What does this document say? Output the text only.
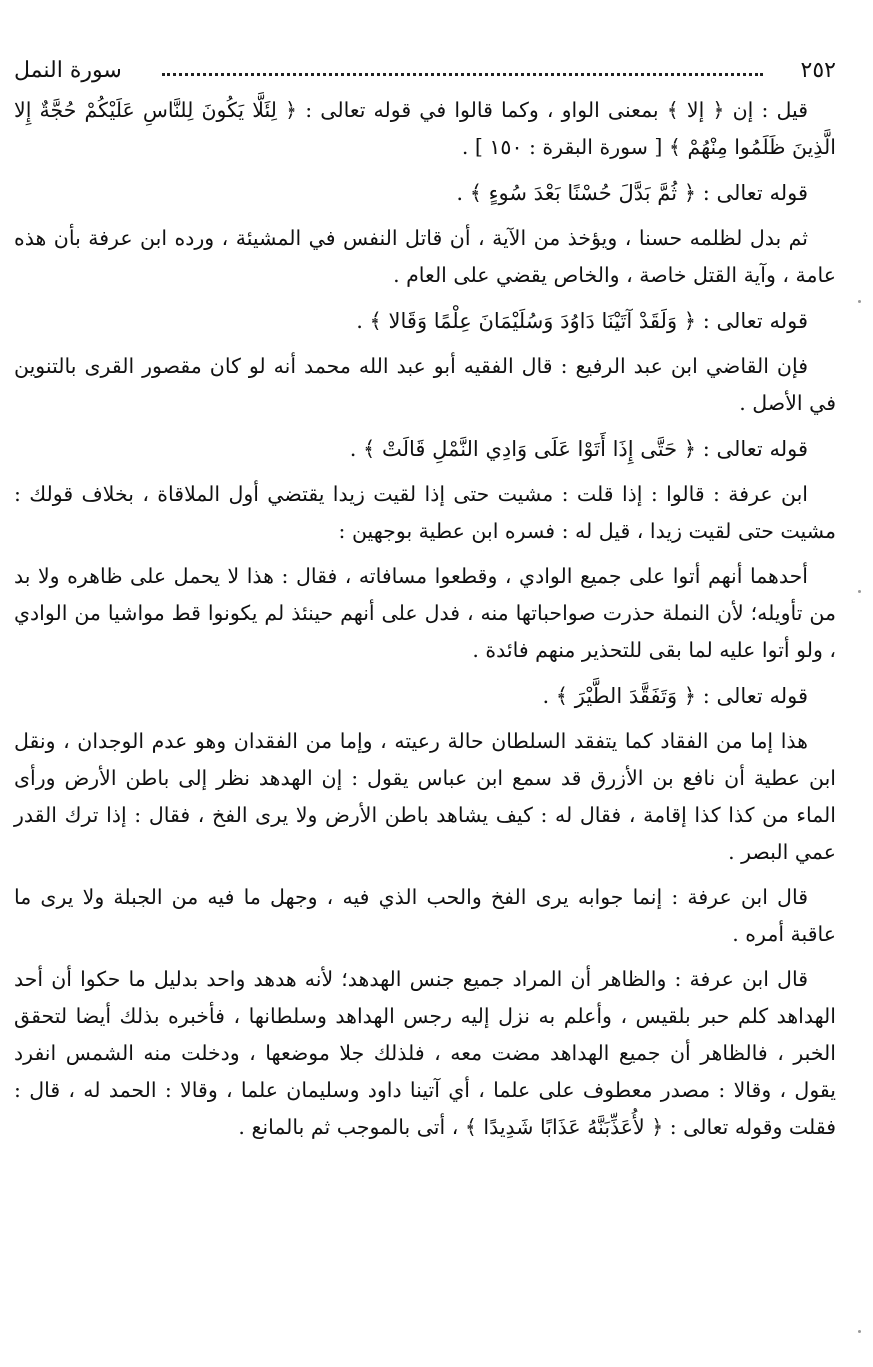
٢٥٢
سورة النمل

قيل : إن ﴿ إلا ﴾ بمعنى الواو ، وكما قالوا في قوله تعالى : ﴿ لِئَلَّا يَكُونَ لِلنَّاسِ عَلَيْكُمْ حُجَّةٌ إِلا الَّذِينَ ظَلَمُوا مِنْهُمْ ﴾ [ سورة البقرة : ١٥٠ ] .

قوله تعالى : ﴿ ثُمَّ بَدَّلَ حُسْنًا بَعْدَ سُوءٍ ﴾ .

ثم بدل لظلمه حسنا ، ويؤخذ من الآية ، أن قاتل النفس في المشيئة ، ورده ابن عرفة بأن هذه عامة ، وآية القتل خاصة ، والخاص يقضي على العام .

قوله تعالى : ﴿ وَلَقَدْ آتَيْنَا دَاوُدَ وَسُلَيْمَانَ عِلْمًا وَقَالا ﴾ .

فإن القاضي ابن عبد الرفيع : قال الفقيه أبو عبد الله محمد أنه لو كان مقصور القرى بالتنوين في الأصل .

قوله تعالى : ﴿ حَتَّى إِذَا أَتَوْا عَلَى وَادِي النَّمْلِ قَالَتْ ﴾ .

ابن عرفة : قالوا : إذا قلت : مشيت حتى إذا لقيت زيدا يقتضي أول الملاقاة ، بخلاف قولك : مشيت حتى لقيت زيدا ، قيل له : فسره ابن عطية بوجهين :

أحدهما أنهم أتوا على جميع الوادي ، وقطعوا مسافاته ، فقال : هذا لا يحمل على ظاهره ولا بد من تأويله؛ لأن النملة حذرت صواحباتها منه ، فدل على أنهم حينئذ لم يكونوا قط مواشيا من الوادي ، ولو أتوا عليه لما بقى للتحذير منهم فائدة .

قوله تعالى : ﴿ وَتَفَقَّدَ الطَّيْرَ ﴾ .

هذا إما من الفقاد كما يتفقد السلطان حالة رعيته ، وإما من الفقدان وهو عدم الوجدان ، ونقل ابن عطية أن نافع بن الأزرق قد سمع ابن عباس يقول : إن الهدهد نظر إلى باطن الأرض ورأى الماء من كذا كذا إقامة ، فقال له : كيف يشاهد باطن الأرض ولا يرى الفخ ، فقال : إذا ترك القدر عمي البصر .

قال ابن عرفة : إنما جوابه يرى الفخ والحب الذي فيه ، وجهل ما فيه من الجبلة ولا يرى ما عاقبة أمره .

قال ابن عرفة : والظاهر أن المراد جميع جنس الهدهد؛ لأنه هدهد واحد بدليل ما حكوا أن أحد الهداهد كلم حبر بلقيس ، وأعلم به نزل إليه رجس الهداهد وسلطانها ، فأخبره بذلك أيضا لتحقق الخبر ، فالظاهر أن جميع الهداهد مضت معه ، فلذلك جلا موضعها ، ودخلت منه الشمس انفرد يقول ، وقالا : مصدر معطوف على علما ، أي آتينا داود وسليمان علما ، وقالا : الحمد له ، قال : فقلت وقوله تعالى : ﴿ لأُعَذِّبَنَّهُ عَذَابًا شَدِيدًا ﴾ ، أتى بالموجب ثم بالمانع .
